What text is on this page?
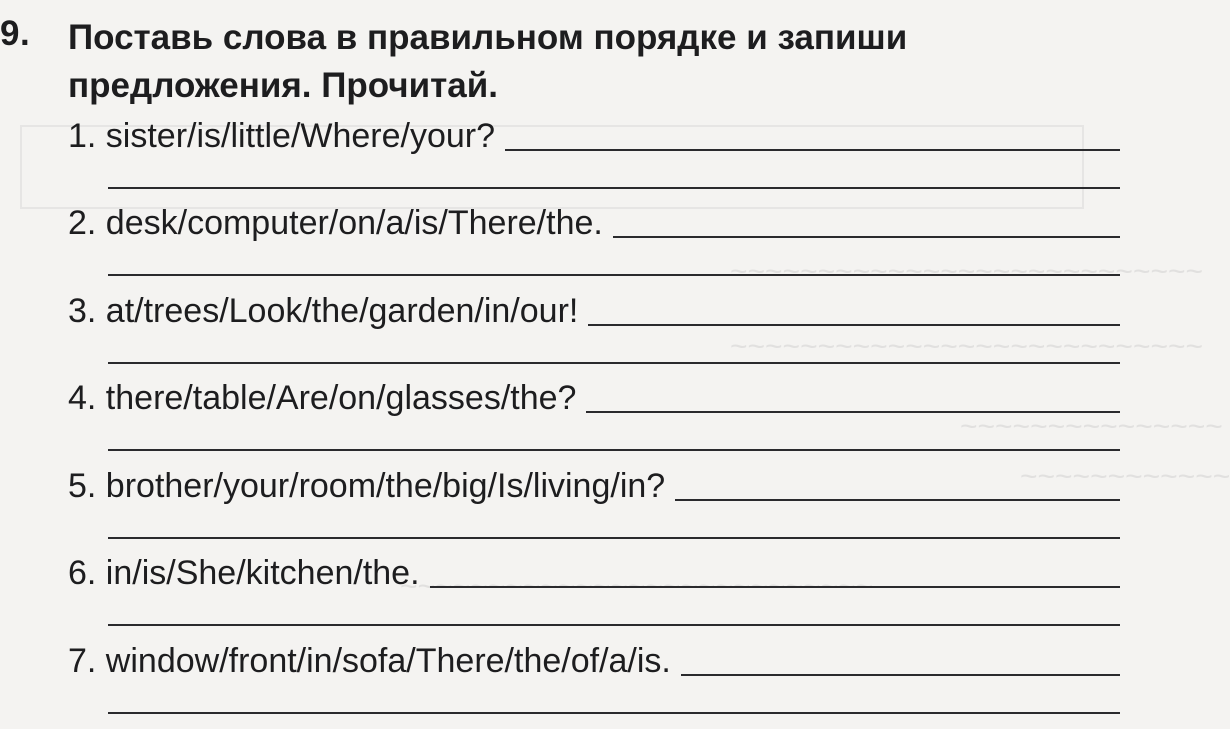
~~~~~~~~~~~~~~~~~~~~~~~~~~~
~~~~~~~~~~~~~~~~~~~~~~~~~~~
~~~~~~~~~~~~~~~
~~~~~~~~~~~~
~~~~~~~~~~~~~~~~~~~~~~~~~~~
9. Поставь слова в правильном порядке и запиши предложения. Прочитай.
1. sister/is/little/Where/your?
2. desk/computer/on/a/is/There/the.
3. at/trees/Look/the/garden/in/our!
4. there/table/Are/on/glasses/the?
5. brother/your/room/the/big/Is/living/in?
6. in/is/She/kitchen/the.
7. window/front/in/sofa/There/the/of/a/is.
